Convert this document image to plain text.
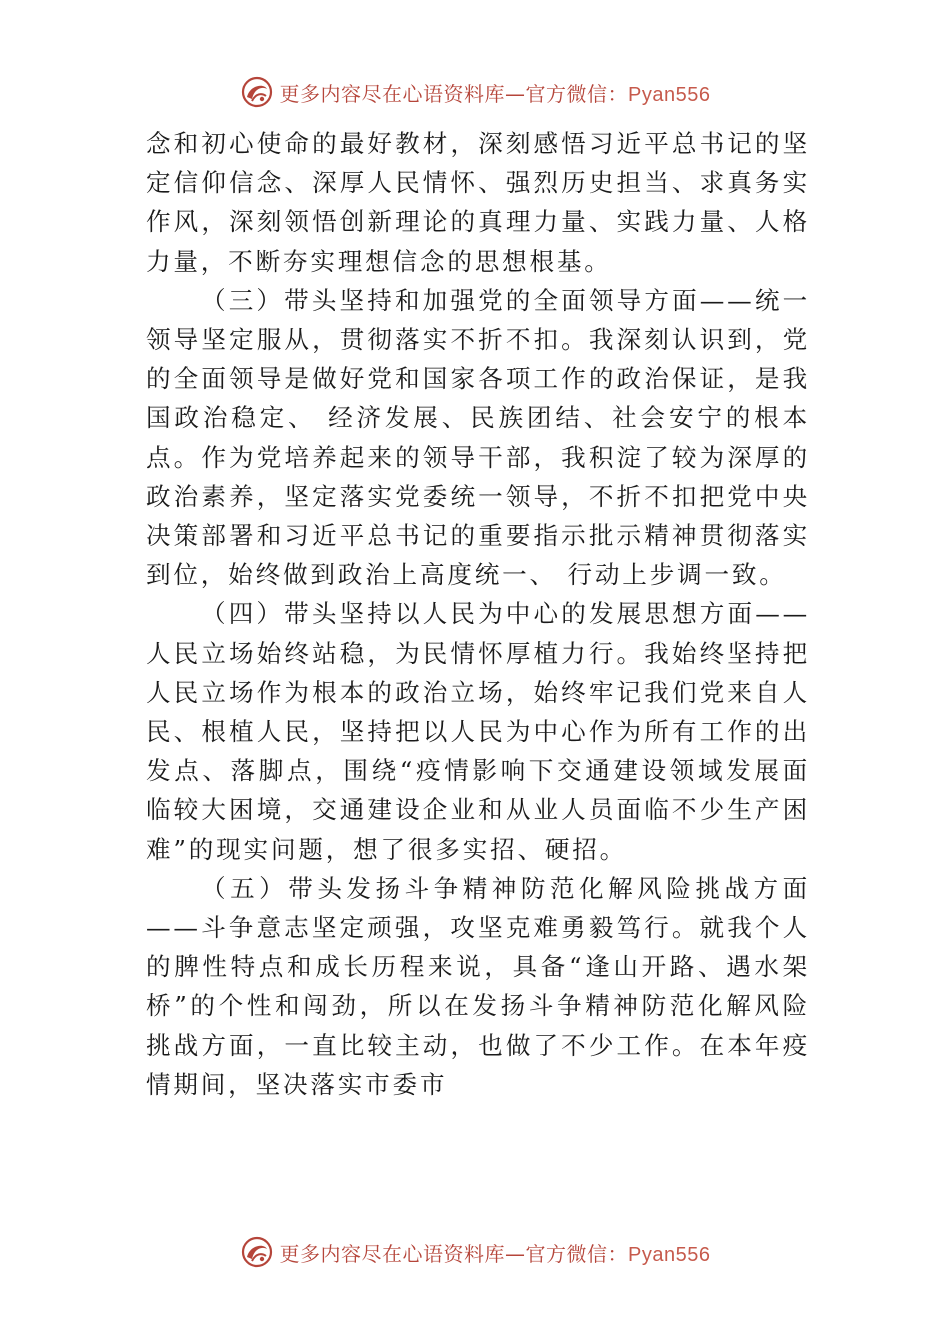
更多内容尽在心语资料库—官方微信：Pyan556

念和初心使命的最好教材，深刻感悟习近平总书记的坚定信仰信念、深厚人民情怀、强烈历史担当、求真务实作风，深刻领悟创新理论的真理力量、实践力量、人格力量，不断夯实理想信念的思想根基。

（三）带头坚持和加强党的全面领导方面——统一领导坚定服从，贯彻落实不折不扣。我深刻认识到，党的全面领导是做好党和国家各项工作的政治保证，是我国政治稳定、 经济发展、民族团结、社会安宁的根本点。作为党培养起来的领导干部，我积淀了较为深厚的政治素养，坚定落实党委统一领导，不折不扣把党中央决策部署和习近平总书记的重要指示批示精神贯彻落实到位，始终做到政治上高度统一、 行动上步调一致。

（四）带头坚持以人民为中心的发展思想方面——人民立场始终站稳，为民情怀厚植力行。我始终坚持把人民立场作为根本的政治立场，始终牢记我们党来自人民、根植人民，坚持把以人民为中心作为所有工作的出发点、落脚点，围绕“疫情影响下交通建设领域发展面临较大困境，交通建设企业和从业人员面临不少生产困难”的现实问题，想了很多实招、硬招。

（五）带头发扬斗争精神防范化解风险挑战方面——斗争意志坚定顽强，攻坚克难勇毅笃行。就我个人的脾性特点和成长历程来说，具备“逢山开路、遇水架桥”的个性和闯劲，所以在发扬斗争精神防范化解风险挑战方面，一直比较主动，也做了不少工作。在本年疫情期间，坚决落实市委市

更多内容尽在心语资料库—官方微信：Pyan556
